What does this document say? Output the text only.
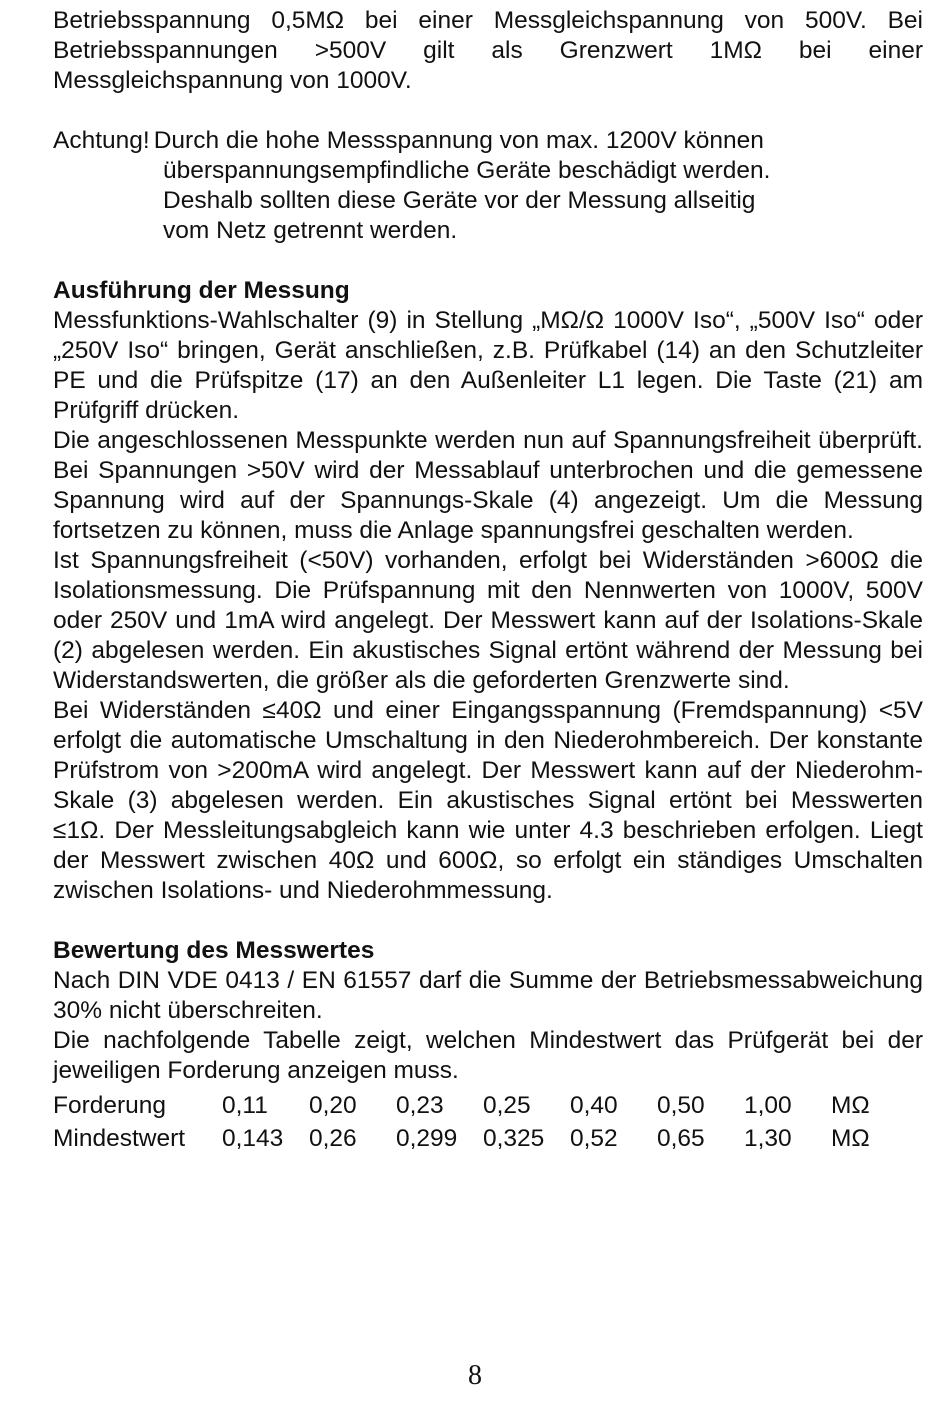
Betriebsspannung 0,5MΩ bei einer Messgleichspannung von 500V. Bei Betriebsspannungen >500V gilt als Grenzwert 1MΩ bei einer Messgleichspannung von 1000V.

Achtung! Durch die hohe Messspannung von max. 1200V können
überspannungsempfindliche Geräte beschädigt werden.
Deshalb sollten diese Geräte vor der Messung allseitig
vom Netz getrennt werden.
Ausführung der Messung

Messfunktions-Wahlschalter (9) in Stellung „MΩ/Ω 1000V Iso“, „500V Iso“ oder „250V Iso“ bringen, Gerät anschließen, z.B. Prüfkabel (14) an den Schutzleiter PE und die Prüfspitze (17) an den Außenleiter L1 legen. Die Taste (21) am Prüfgriff drücken.

Die angeschlossenen Messpunkte werden nun auf Spannungsfreiheit überprüft. Bei Spannungen >50V wird der Messablauf unterbrochen und die gemessene Spannung wird auf der Spannungs-Skale (4) angezeigt. Um die Messung fortsetzen zu können, muss die Anlage spannungsfrei geschalten werden.

Ist Spannungsfreiheit (<50V) vorhanden, erfolgt bei Widerständen >600Ω die Isolationsmessung. Die Prüfspannung mit den Nennwerten von 1000V, 500V oder 250V und 1mA wird angelegt. Der Messwert kann auf der Isolations-Skale (2) abgelesen werden. Ein akustisches Signal ertönt während der Messung bei Widerstandswerten, die größer als die geforderten Grenzwerte sind.

Bei Widerständen ≤40Ω und einer Eingangsspannung (Fremdspannung) <5V erfolgt die automatische Umschaltung in den Niederohmbereich. Der konstante Prüfstrom von >200mA wird angelegt. Der Messwert kann auf der Niederohm-Skale (3) abgelesen werden. Ein akustisches Signal ertönt bei Messwerten ≤1Ω. Der Messleitungsabgleich kann wie unter 4.3 beschrieben erfolgen. Liegt der Messwert zwischen 40Ω und 600Ω, so erfolgt ein ständiges Umschalten zwischen Isolations- und Niederohmmessung.

Bewertung des Messwertes

Nach DIN VDE 0413 / EN 61557 darf die Summe der Betriebsmessabweichung 30% nicht überschreiten.

Die nachfolgende Tabelle zeigt, welchen Mindestwert das Prüfgerät bei der jeweiligen Forderung anzeigen muss.

Forderung	0,11	0,20	0,23	0,25	0,40	0,50	1,00	MΩ
Mindestwert	0,143	0,26	0,299	0,325	0,52	0,65	1,30	MΩ
8
